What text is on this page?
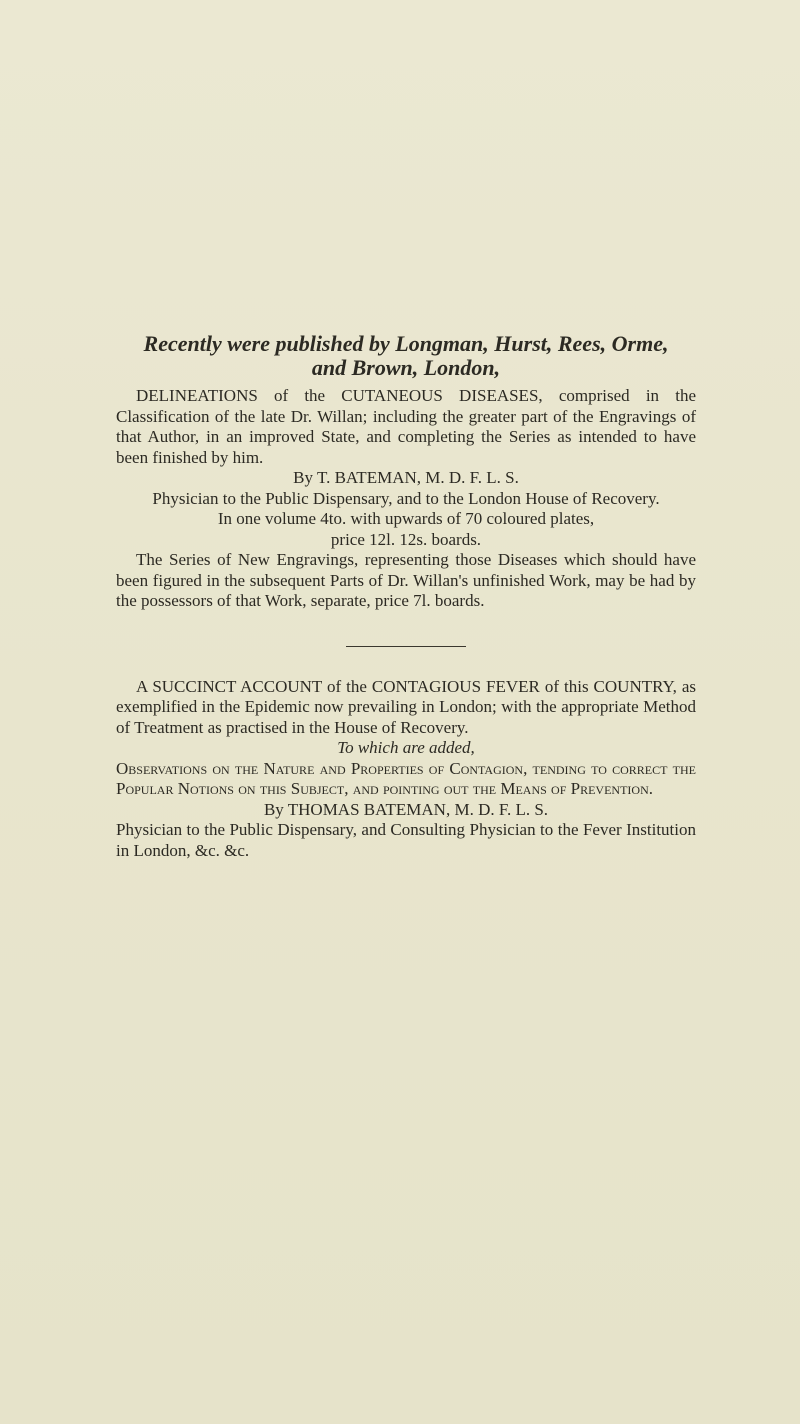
Recently were published by Longman, Hurst, Rees, Orme,

and Brown, London,

DELINEATIONS of the CUTANEOUS DISEASES, comprised in the Classification of the late Dr. Willan; including the greater part of the Engravings of that Author, in an improved State, and completing the Series as intended to have been finished by him.

By T. BATEMAN, M. D. F. L. S.

Physician to the Public Dispensary, and to the London House of Recovery.

In one volume 4to. with upwards of 70 coloured plates,

price 12l. 12s. boards.

The Series of New Engravings, representing those Diseases which should have been figured in the subsequent Parts of Dr. Willan's unfinished Work, may be had by the possessors of that Work, separate, price 7l. boards.

A SUCCINCT ACCOUNT of the CONTAGIOUS FEVER of this COUNTRY, as exemplified in the Epidemic now prevailing in London; with the appropriate Method of Treatment as practised in the House of Recovery.

To which are added,

Observations on the Nature and Properties of Contagion, tending to correct the Popular Notions on this Subject, and pointing out the Means of Prevention.

By THOMAS BATEMAN, M. D. F. L. S.

Physician to the Public Dispensary, and Consulting Physician to the Fever Institution in London, &c. &c.
